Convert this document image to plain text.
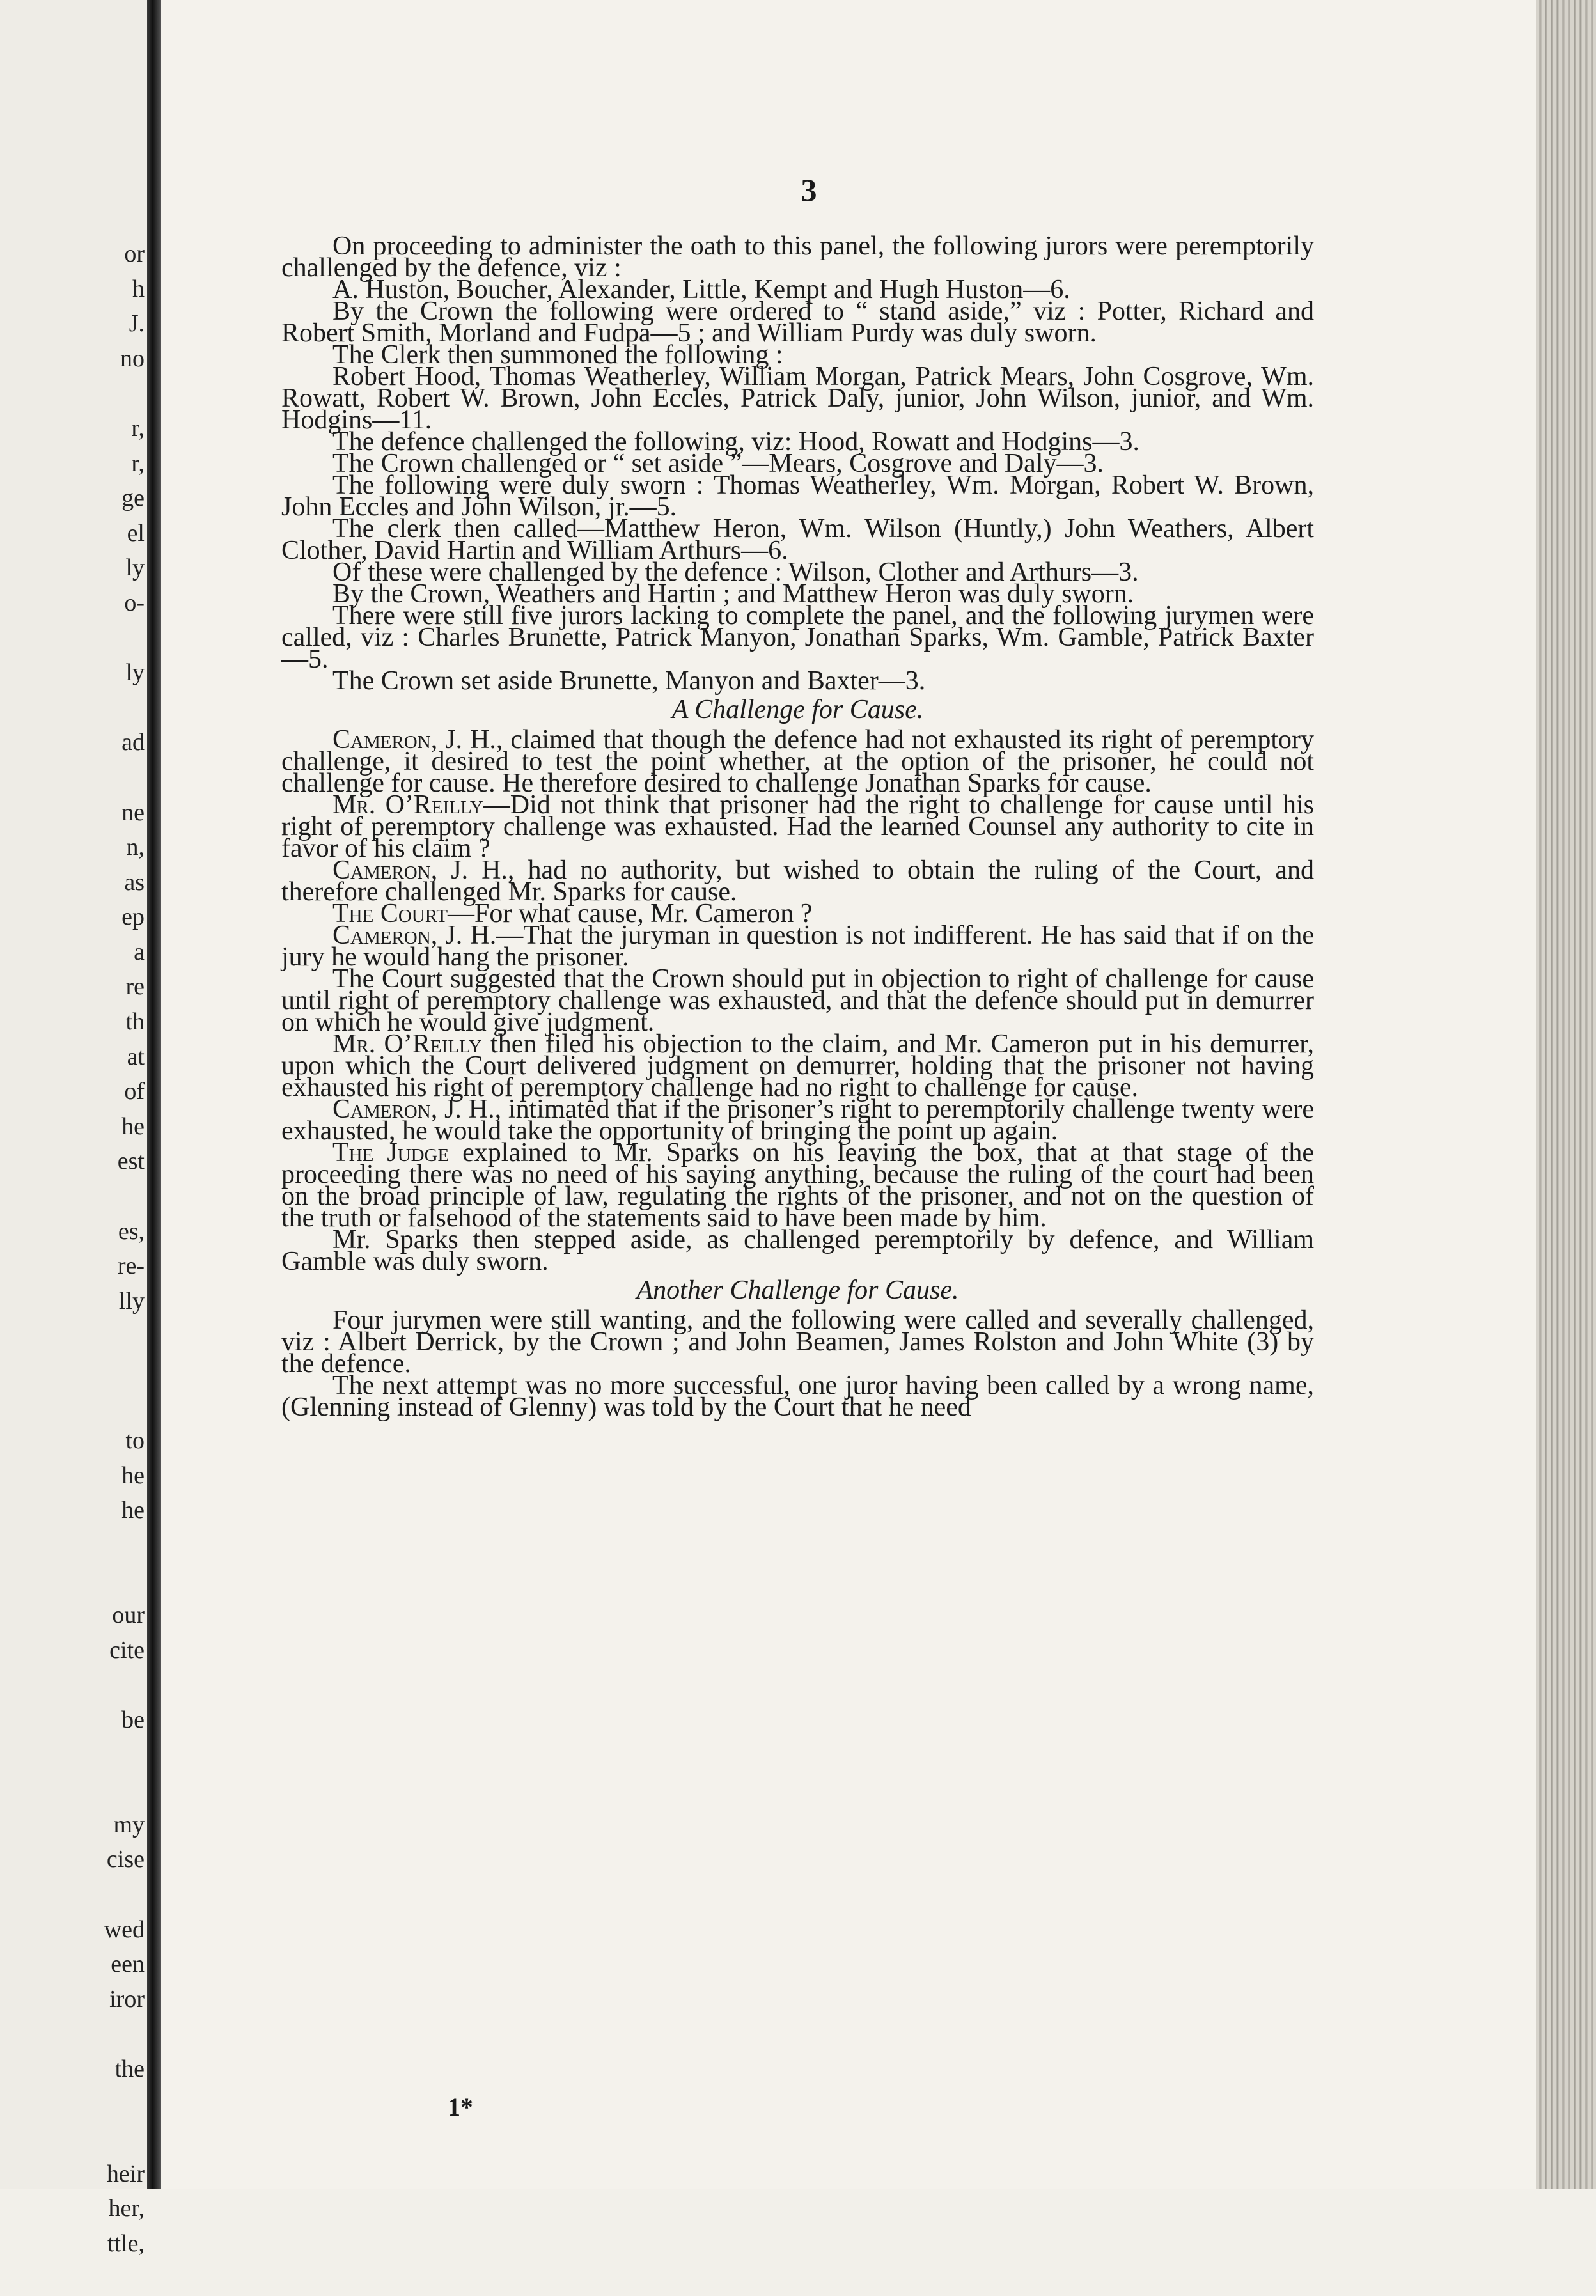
or
h
J.
no
r,
r,
ge
el
ly
o-
ly
ad
ne
n,
as
ep
a
re
th
at
of
he
est
es,
re-
lly
to
he
he
our
cite
be
my
cise
wed
een
iror
the
heir
her,
ttle,
3

On proceeding to administer the oath to this panel, the following jurors were peremptorily challenged by the defence, viz :

A. Huston, Boucher, Alexander, Little, Kempt and Hugh Huston—6.

By the Crown the following were ordered to “ stand aside,” viz : Potter, Richard and Robert Smith, Morland and Fudpa—5 ; and William Purdy was duly sworn.

The Clerk then summoned the following :

Robert Hood, Thomas Weatherley, William Morgan, Patrick Mears, John Cosgrove, Wm. Rowatt, Robert W. Brown, John Eccles, Patrick Daly, junior, John Wilson, junior, and Wm. Hodgins—11.

The defence challenged the following, viz: Hood, Rowatt and Hodgins—3.

The Crown challenged or “ set aside ”—Mears, Cosgrove and Daly—3.

The following were duly sworn : Thomas Weatherley, Wm. Morgan, Robert W. Brown, John Eccles and John Wilson, jr.—5.

The clerk then called—Matthew Heron, Wm. Wilson (Huntly,) John Weathers, Albert Clother, David Hartin and William Arthurs—6.

Of these were challenged by the defence : Wilson, Clother and Arthurs—3.

By the Crown, Weathers and Hartin ; and Matthew Heron was duly sworn.

There were still five jurors lacking to complete the panel, and the following jurymen were called, viz : Charles Brunette, Patrick Manyon, Jonathan Sparks, Wm. Gamble, Patrick Baxter—5.

The Crown set aside Brunette, Manyon and Baxter—3.

A Challenge for Cause.

Cameron, J. H., claimed that though the defence had not exhausted its right of peremptory challenge, it desired to test the point whether, at the option of the prisoner, he could not challenge for cause. He therefore desired to challenge Jonathan Sparks for cause.

Mr. O’Reilly—Did not think that prisoner had the right to challenge for cause until his right of peremptory challenge was exhausted. Had the learned Counsel any authority to cite in favor of his claim ?

Cameron, J. H., had no authority, but wished to obtain the ruling of the Court, and therefore challenged Mr. Sparks for cause.

The Court—For what cause, Mr. Cameron ?

Cameron, J. H.—That the juryman in question is not indifferent. He has said that if on the jury he would hang the prisoner.

The Court suggested that the Crown should put in objection to right of challenge for cause until right of peremptory challenge was exhausted, and that the defence should put in demurrer on which he would give judgment.

Mr. O’Reilly then filed his objection to the claim, and Mr. Cameron put in his demurrer, upon which the Court delivered judgment on demurrer, holding that the prisoner not having exhausted his right of peremptory challenge had no right to challenge for cause.

Cameron, J. H., intimated that if the prisoner’s right to peremptorily challenge twenty were exhausted, he would take the opportunity of bringing the point up again.

The Judge explained to Mr. Sparks on his leaving the box, that at that stage of the proceeding there was no need of his saying anything, because the ruling of the court had been on the broad principle of law, regulating the rights of the prisoner, and not on the question of the truth or falsehood of the statements said to have been made by him.

Mr. Sparks then stepped aside, as challenged peremptorily by defence, and William Gamble was duly sworn.

Another Challenge for Cause.

Four jurymen were still wanting, and the following were called and severally challenged, viz : Albert Derrick, by the Crown ; and John Beamen, James Rolston and John White (3) by the defence.

The next attempt was no more successful, one juror having been called by a wrong name, (Glenning instead of Glenny) was told by the Court that he need

1*
